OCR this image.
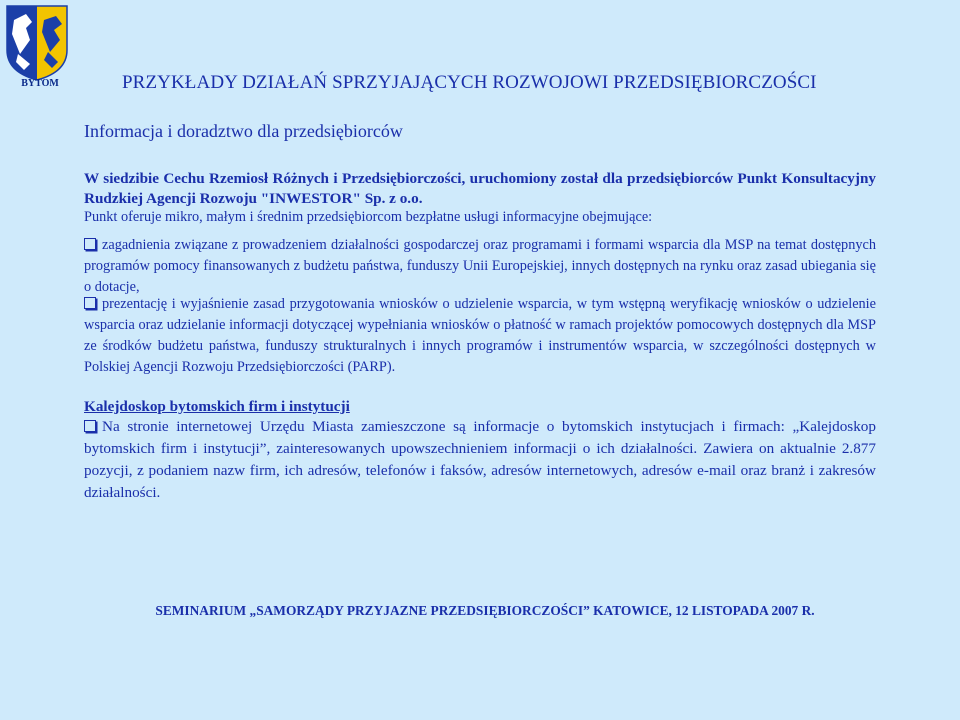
BYTOM	PRZYKŁADY DZIAŁAŃ SPRZYJAJĄCYCH ROZWOJOWI PRZEDSIĘBIORCZOŚCI
Informacja i doradztwo dla przedsiębiorców
W siedzibie Cechu Rzemiosł Różnych i Przedsiębiorczości, uruchomiony został dla przedsiębiorców Punkt Konsultacyjny Rudzkiej Agencji Rozwoju "INWESTOR" Sp. z o.o.
Punkt oferuje mikro, małym i średnim przedsiębiorcom bezpłatne usługi informacyjne obejmujące:
zagadnienia związane z prowadzeniem działalności gospodarczej oraz programami i formami wsparcia dla MSP na temat dostępnych programów pomocy finansowanych z budżetu państwa, funduszy Unii Europejskiej, innych dostępnych na rynku oraz zasad ubiegania się o dotacje,
prezentację i wyjaśnienie zasad przygotowania wniosków o udzielenie wsparcia, w tym wstępną weryfikację wniosków o udzielenie wsparcia oraz udzielanie informacji dotyczącej wypełniania wniosków o płatność w ramach projektów pomocowych dostępnych dla MSP ze środków budżetu państwa, funduszy strukturalnych i innych programów i instrumentów wsparcia, w szczególności dostępnych w Polskiej Agencji Rozwoju Przedsiębiorczości (PARP).
Kalejdoskop bytomskich firm i instytucji
Na stronie internetowej Urzędu Miasta zamieszczone są informacje o bytomskich instytucjach i firmach: „Kalejdoskop bytomskich firm i instytucji”, zainteresowanych upowszechnieniem informacji o ich działalności. Zawiera on aktualnie 2.877 pozycji, z podaniem nazw firm, ich adresów, telefonów i faksów, adresów internetowych, adresów e-mail oraz branż i zakresów działalności.
SEMINARIUM „SAMORZĄDY PRZYJAZNE PRZEDSIĘBIORCZOŚCI” KATOWICE, 12 LISTOPADA 2007 R.
